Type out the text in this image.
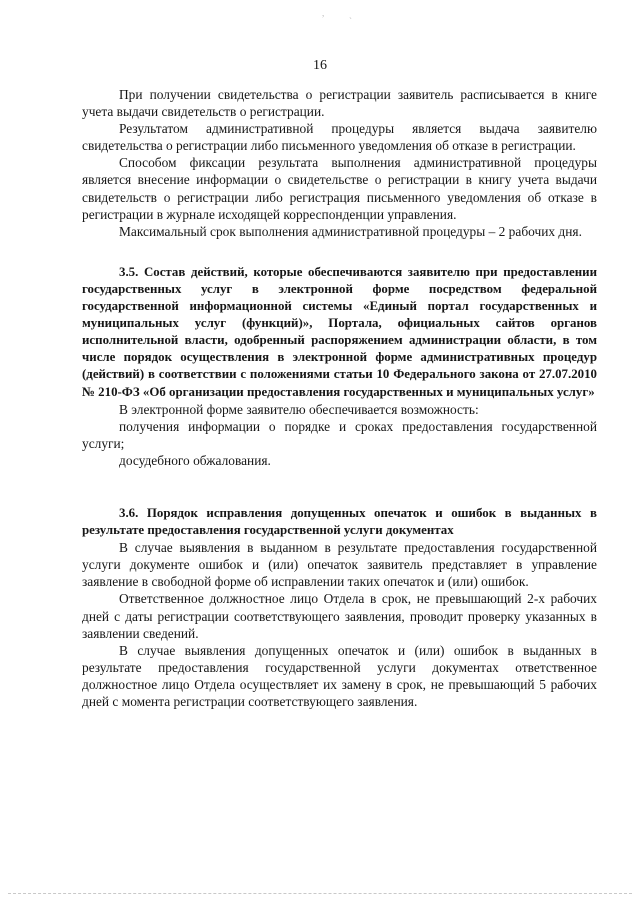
,
`
16

При получении свидетельства о регистрации заявитель расписывается в книге учета выдачи свидетельств о регистрации.

Результатом административной процедуры является выдача заявителю свидетельства о регистрации либо письменного уведомления об отказе в регистрации.

Способом фиксации результата выполнения административной процедуры является внесение информации о свидетельстве о регистрации в книгу учета выдачи свидетельств о регистрации либо регистрация письменного уведомления об отказе в регистрации в журнале исходящей корреспонденции управления.

Максимальный срок выполнения административной процедуры – 2 рабочих дня.

3.5. Состав действий, которые обеспечиваются заявителю при предоставлении государственных услуг в электронной форме посредством федеральной государственной информационной системы «Единый портал государственных и муниципальных услуг (функций)», Портала, официальных сайтов органов исполнительной власти, одобренный распоряжением администрации области, в том числе порядок осуществления в электронной форме административных процедур (действий) в соответствии с положениями статьи 10 Федерального закона от 27.07.2010 № 210-ФЗ «Об организации предоставления государственных и муниципальных услуг»

В электронной форме заявителю обеспечивается возможность:

получения информации о порядке и сроках предоставления государственной услуги;

досудебного обжалования.

3.6. Порядок исправления допущенных опечаток и ошибок в выданных в результате предоставления государственной услуги документах

В случае выявления в выданном в результате предоставления государственной услуги документе ошибок и (или) опечаток заявитель представляет в управление заявление в свободной форме об исправлении таких опечаток и (или) ошибок.

Ответственное должностное лицо Отдела в срок, не превышающий 2-х рабочих дней с даты регистрации соответствующего заявления, проводит проверку указанных в заявлении сведений.

В случае выявления допущенных опечаток и (или) ошибок в выданных в результате предоставления государственной услуги документах ответственное должностное лицо Отдела осуществляет их замену в срок, не превышающий 5 рабочих дней с момента регистрации соответствующего заявления.
